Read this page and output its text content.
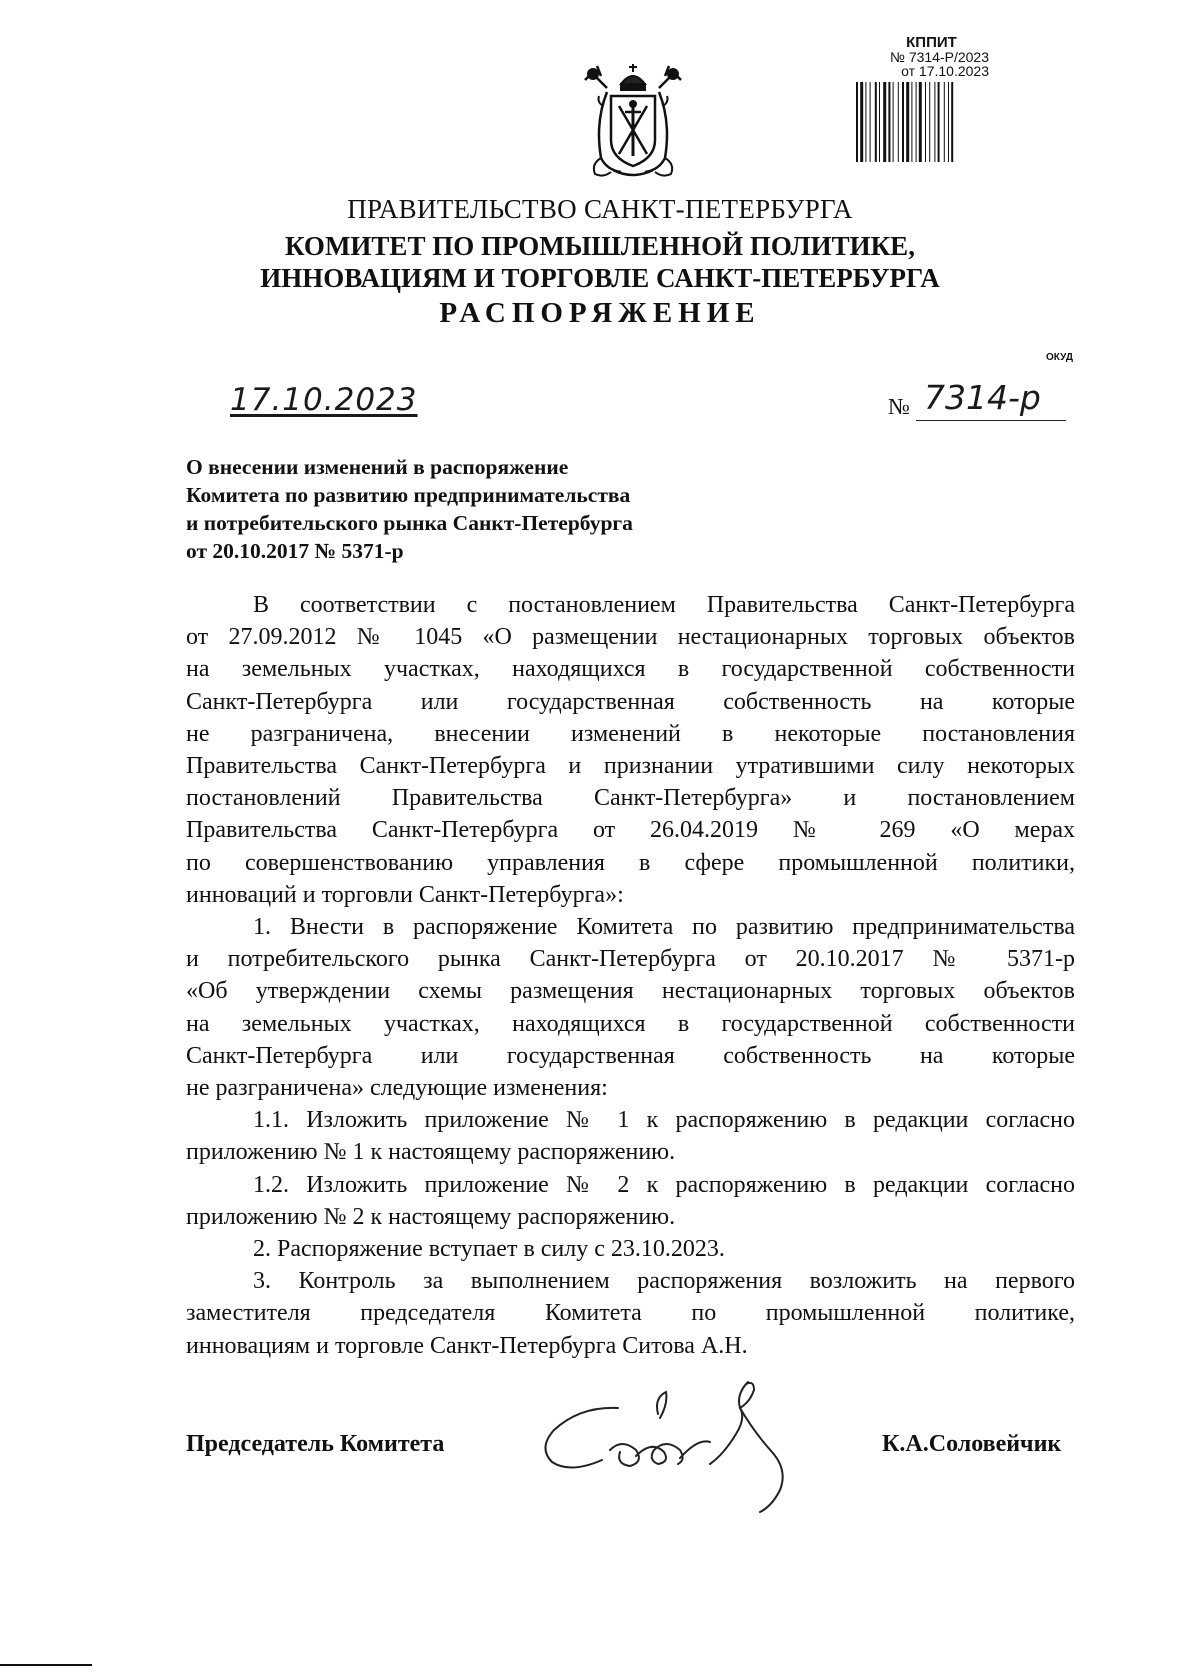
КППИТ
№ 7314-Р/2023
от 17.10.2023
ПРАВИТЕЛЬСТВО САНКТ-ПЕТЕРБУРГА
КОМИТЕТ ПО ПРОМЫШЛЕННОЙ ПОЛИТИКЕ,
ИННОВАЦИЯМ И ТОРГОВЛЕ САНКТ-ПЕТЕРБУРГА
РАСПОРЯЖЕНИЕ
ОКУД
17.10.2023	№ 7314-р
О внесении изменений в распоряжение
Комитета по развитию предпринимательства
и потребительского рынка Санкт-Петербурга
от 20.10.2017 № 5371-р
В соответствии с постановлением Правительства Санкт-Петербурга
от 27.09.2012 № 1045 «О размещении нестационарных торговых объектов
на земельных участках, находящихся в государственной собственности
Санкт-Петербурга или государственная собственность на которые
не разграничена, внесении изменений в некоторые постановления
Правительства Санкт-Петербурга и признании утратившими силу некоторых
постановлений Правительства Санкт-Петербурга» и постановлением
Правительства Санкт-Петербурга от 26.04.2019 № 269 «О мерах
по совершенствованию управления в сфере промышленной политики,
инноваций и торговли Санкт-Петербурга»:
1. Внести в распоряжение Комитета по развитию предпринимательства
и потребительского рынка Санкт-Петербурга от 20.10.2017 № 5371-р
«Об утверждении схемы размещения нестационарных торговых объектов
на земельных участках, находящихся в государственной собственности
Санкт-Петербурга или государственная собственность на которые
не разграничена» следующие изменения:
1.1. Изложить приложение № 1 к распоряжению в редакции согласно
приложению № 1 к настоящему распоряжению.
1.2. Изложить приложение № 2 к распоряжению в редакции согласно
приложению № 2 к настоящему распоряжению.
2. Распоряжение вступает в силу с 23.10.2023.
3. Контроль за выполнением распоряжения возложить на первого
заместителя председателя Комитета по промышленной политике,
инновациям и торговле Санкт-Петербурга Ситова А.Н.
Председатель Комитета	К.А.Соловейчик
